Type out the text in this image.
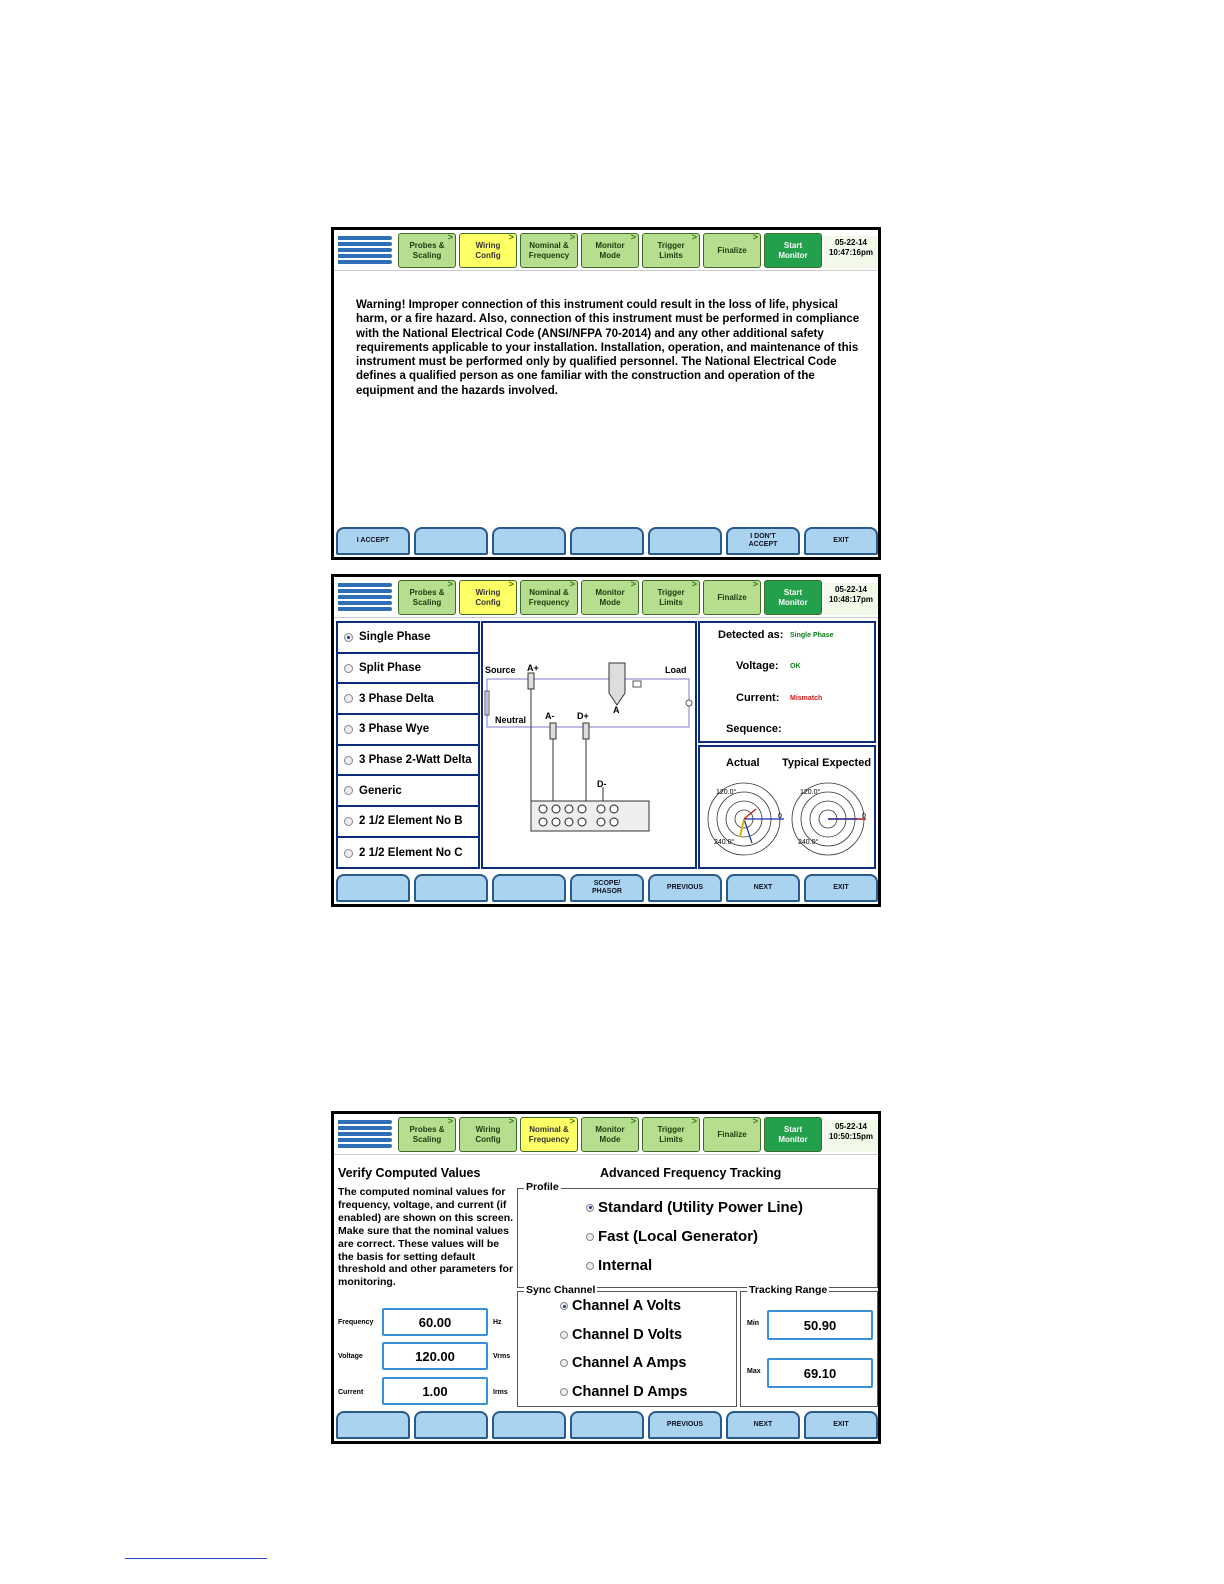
>
Probes &
Scaling
>
Wiring
Config
>
Nominal &
Frequency
>
Monitor
Mode
>
Trigger
Limits
>
Finalize
Start
Monitor
05-22-14
10:47:16pm
Warning! Improper connection of this instrument could result in the loss of life, physical harm, or a fire hazard. Also, connection of this instrument must be performed in compliance with the National Electrical Code (ANSI/NFPA 70-2014) and any other additional safety requirements applicable to your installation. Installation, operation, and maintenance of this instrument must be performed only by qualified personnel. The National Electrical Code defines a qualified person as one familiar with the construction and operation of the equipment and the hazards involved.
I ACCEPT
I DON'T
ACCEPT
EXIT
>
Probes &
Scaling
>
Wiring
Config
>
Nominal &
Frequency
>
Monitor
Mode
>
Trigger
Limits
>
Finalize
Start
Monitor
05-22-14
10:48:17pm
Single Phase
Split Phase
3 Phase Delta
3 Phase Wye
3 Phase 2-Watt Delta
Generic
2 1/2 Element No B
2 1/2 Element No C
Source A+	Load
Neutral A-	D+
D-
A
Detected as: Single Phase
Voltage: OK
Current: Mismatch
Sequence:
Actual Typical Expected
120.0°
240.0°
120.0°
240.0°
0	0
SCOPE/
PHASOR
PREVIOUS	NEXT	EXIT
>
Probes &
Scaling
>
Wiring
Config
>
Nominal &
Frequency
>
Monitor
Mode
>
Trigger
Limits
>
Finalize
Start
Monitor
05-22-14
10:50:15pm
Verify Computed Values	Advanced Frequency Tracking
The computed nominal values for frequency, voltage, and current (if enabled) are shown on this screen. Make sure that the nominal values are correct. These values will be the basis for setting default threshold and other parameters for monitoring.
Frequency	60.00	Hz
Voltage	120.00	Vrms
Current	1.00	Irms
Profile
Standard (Utility Power Line)
Fast (Local Generator)
Internal
Sync Channel
Channel A Volts
Channel D Volts
Channel A Amps
Channel D Amps
Tracking Range
Min	50.90
Max	69.10
PREVIOUS	NEXT	EXIT
